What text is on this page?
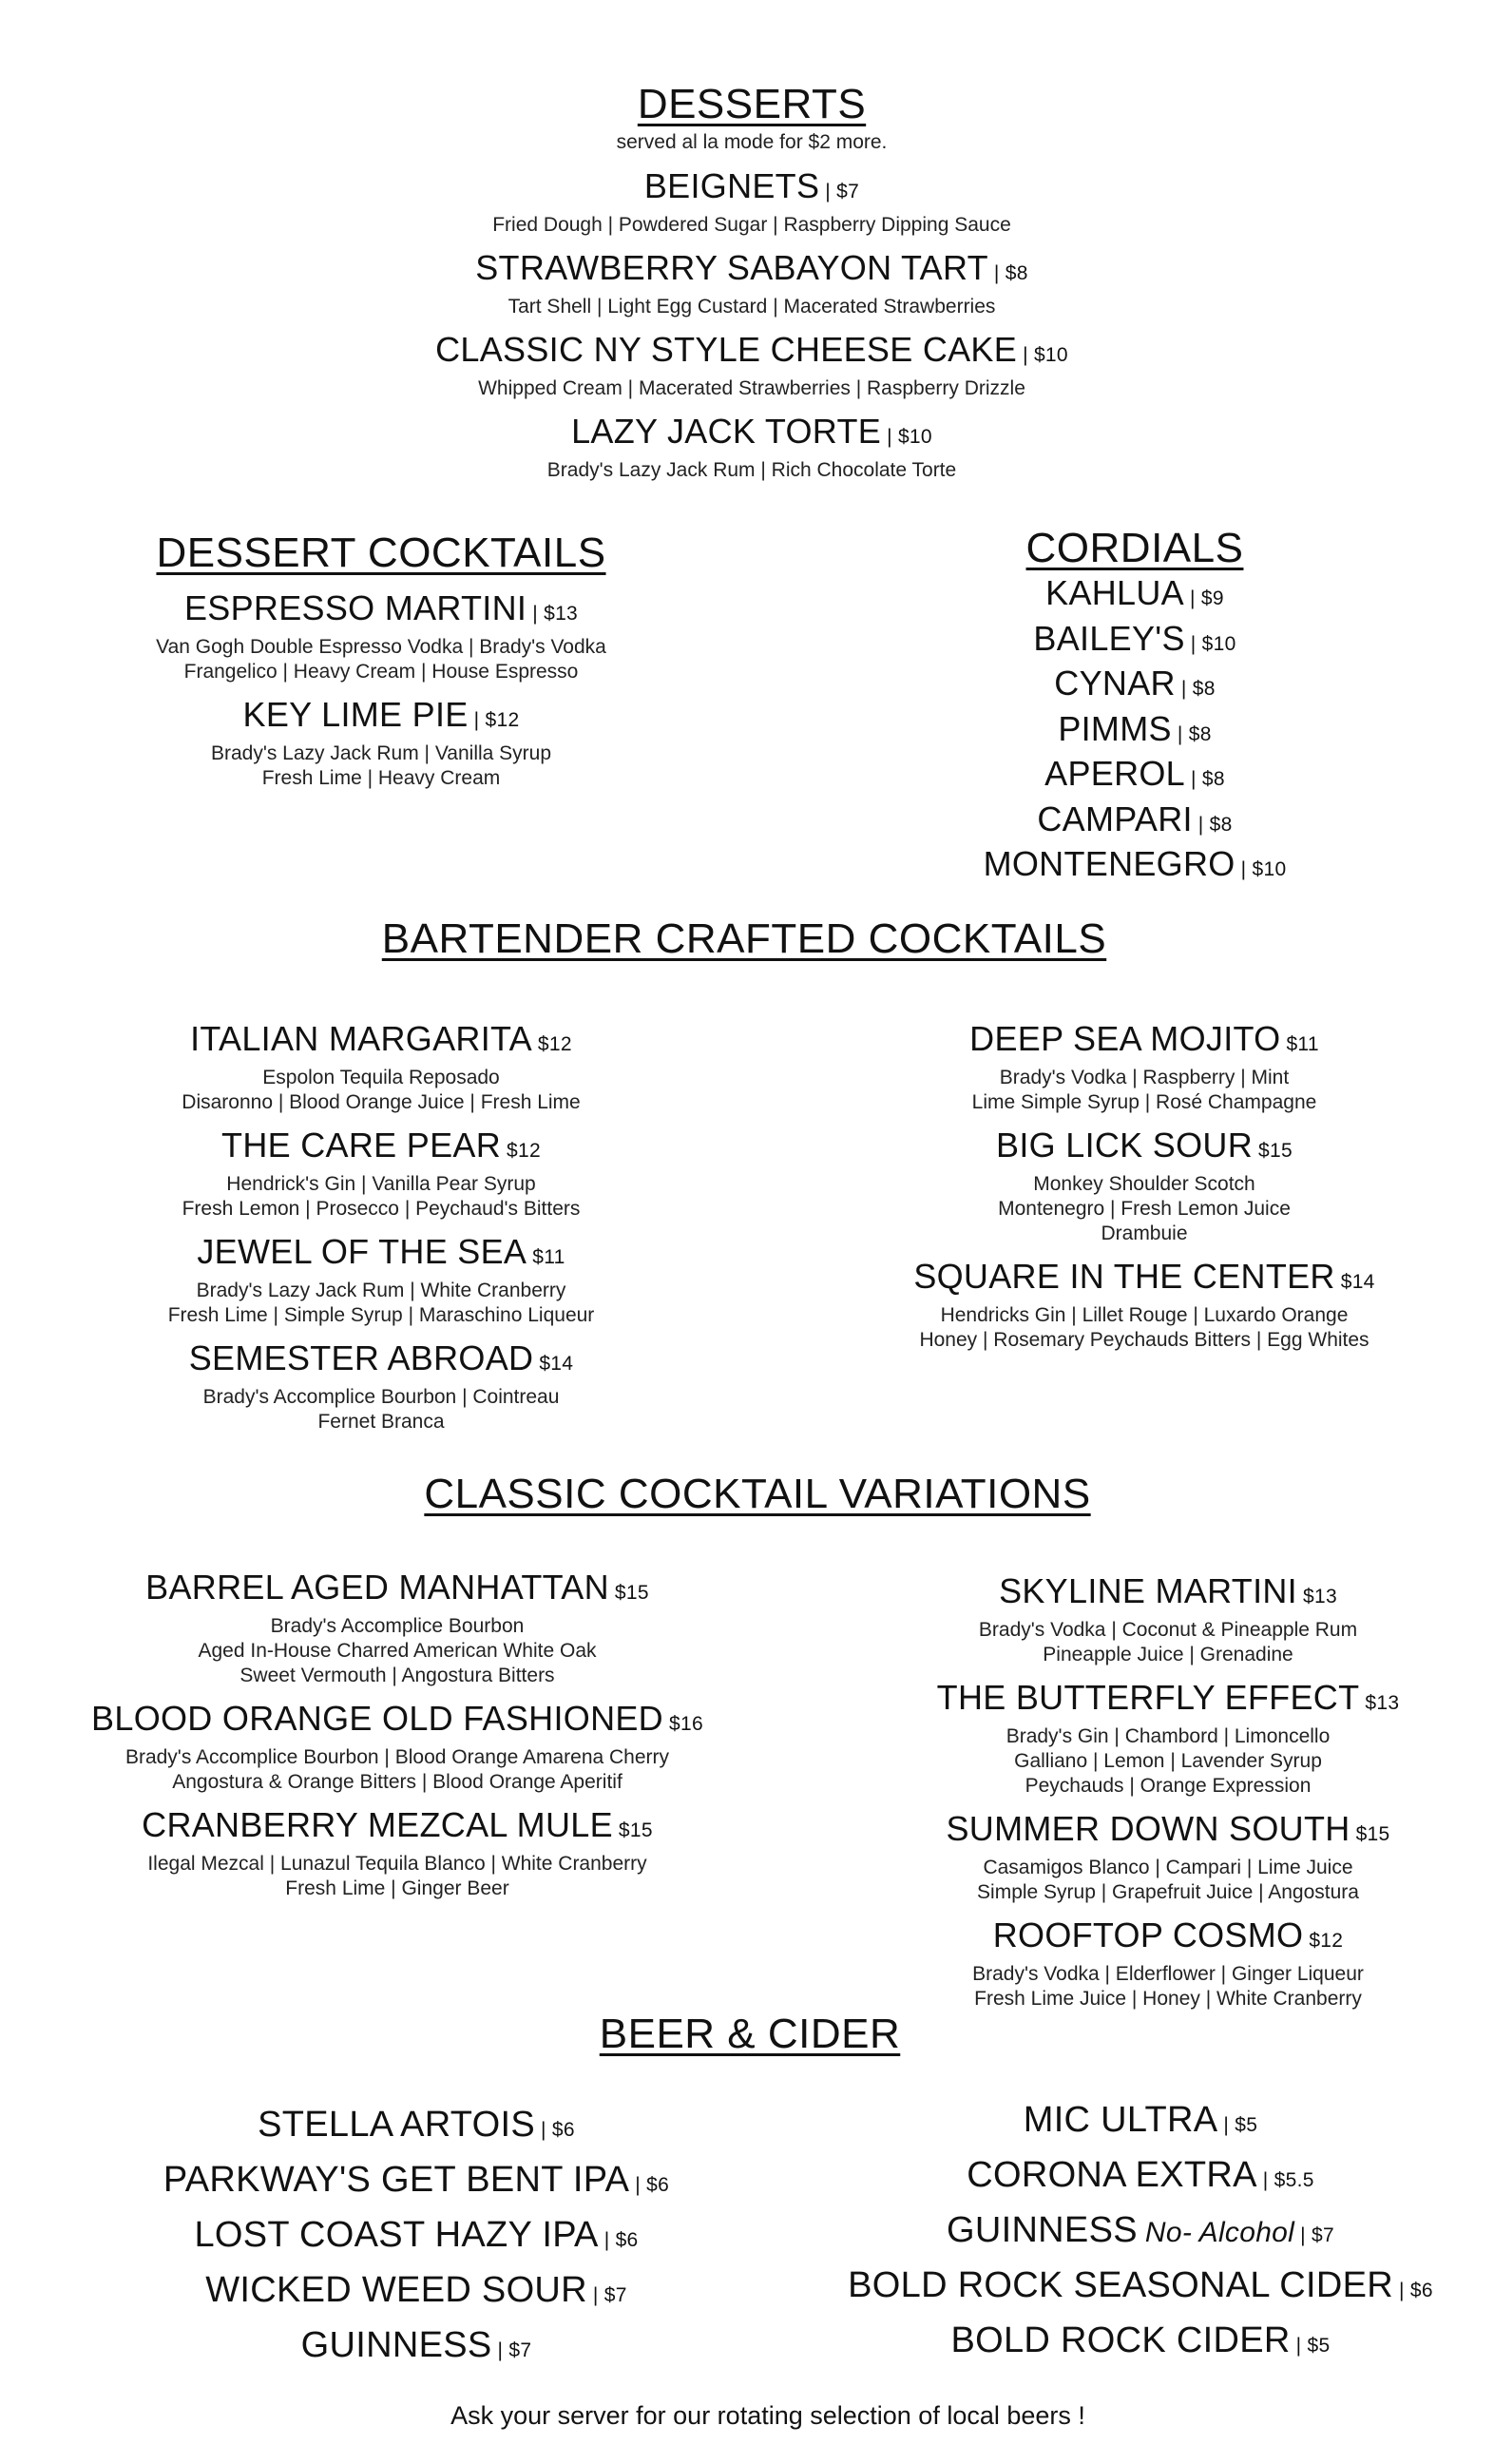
DESSERTS
served al la mode for $2 more.
BEIGNETS | $7
Fried Dough | Powdered Sugar | Raspberry Dipping Sauce
STRAWBERRY SABAYON TART | $8
Tart Shell | Light Egg Custard | Macerated Strawberries
CLASSIC NY STYLE CHEESE CAKE | $10
Whipped Cream | Macerated Strawberries | Raspberry Drizzle
LAZY JACK TORTE | $10
Brady's Lazy Jack Rum | Rich Chocolate Torte
DESSERT COCKTAILS
ESPRESSO MARTINI | $13
Van Gogh Double Espresso Vodka | Brady's Vodka
Frangelico | Heavy Cream | House Espresso
KEY LIME PIE | $12
Brady's Lazy Jack Rum | Vanilla Syrup
Fresh Lime | Heavy Cream
CORDIALS
KAHLUA | $9
BAILEY'S | $10
CYNAR | $8
PIMMS | $8
APEROL | $8
CAMPARI | $8
MONTENEGRO | $10
BARTENDER CRAFTED COCKTAILS
ITALIAN MARGARITA $12
Espolon Tequila Reposado
Disaronno | Blood Orange Juice | Fresh Lime
THE CARE PEAR $12
Hendrick's Gin | Vanilla Pear Syrup
Fresh Lemon | Prosecco | Peychaud's Bitters
JEWEL OF THE SEA $11
Brady's Lazy Jack Rum | White Cranberry
Fresh Lime | Simple Syrup | Maraschino Liqueur
SEMESTER ABROAD $14
Brady's Accomplice Bourbon | Cointreau
Fernet Branca
DEEP SEA MOJITO $11
Brady's Vodka | Raspberry | Mint
Lime Simple Syrup | Rosé Champagne
BIG LICK SOUR $15
Monkey Shoulder Scotch
Montenegro | Fresh Lemon Juice
Drambuie
SQUARE IN THE CENTER $14
Hendricks Gin | Lillet Rouge | Luxardo Orange
Honey | Rosemary Peychauds Bitters | Egg Whites
CLASSIC COCKTAIL VARIATIONS
BARREL AGED MANHATTAN $15
Brady's Accomplice Bourbon
Aged In-House Charred American White Oak
Sweet Vermouth | Angostura Bitters
BLOOD ORANGE OLD FASHIONED $16
Brady's Accomplice Bourbon | Blood Orange Amarena Cherry
Angostura & Orange Bitters | Blood Orange Aperitif
CRANBERRY MEZCAL MULE $15
Ilegal Mezcal | Lunazul Tequila Blanco | White Cranberry
Fresh Lime | Ginger Beer
SKYLINE MARTINI $13
Brady's Vodka | Coconut & Pineapple Rum
Pineapple Juice | Grenadine
THE BUTTERFLY EFFECT $13
Brady's Gin | Chambord | Limoncello
Galliano | Lemon | Lavender Syrup
Peychauds | Orange Expression
SUMMER DOWN SOUTH $15
Casamigos Blanco | Campari | Lime Juice
Simple Syrup | Grapefruit Juice | Angostura
ROOFTOP COSMO $12
Brady's Vodka | Elderflower | Ginger Liqueur
Fresh Lime Juice | Honey | White Cranberry
BEER & CIDER
STELLA ARTOIS | $6
PARKWAY'S GET BENT IPA | $6
LOST COAST HAZY IPA | $6
WICKED WEED SOUR | $7
GUINNESS | $7
MIC ULTRA | $5
CORONA EXTRA | $5.5
GUINNESS No- Alcohol | $7
BOLD ROCK SEASONAL CIDER | $6
BOLD ROCK CIDER | $5
Ask your server for our rotating selection of local beers !
